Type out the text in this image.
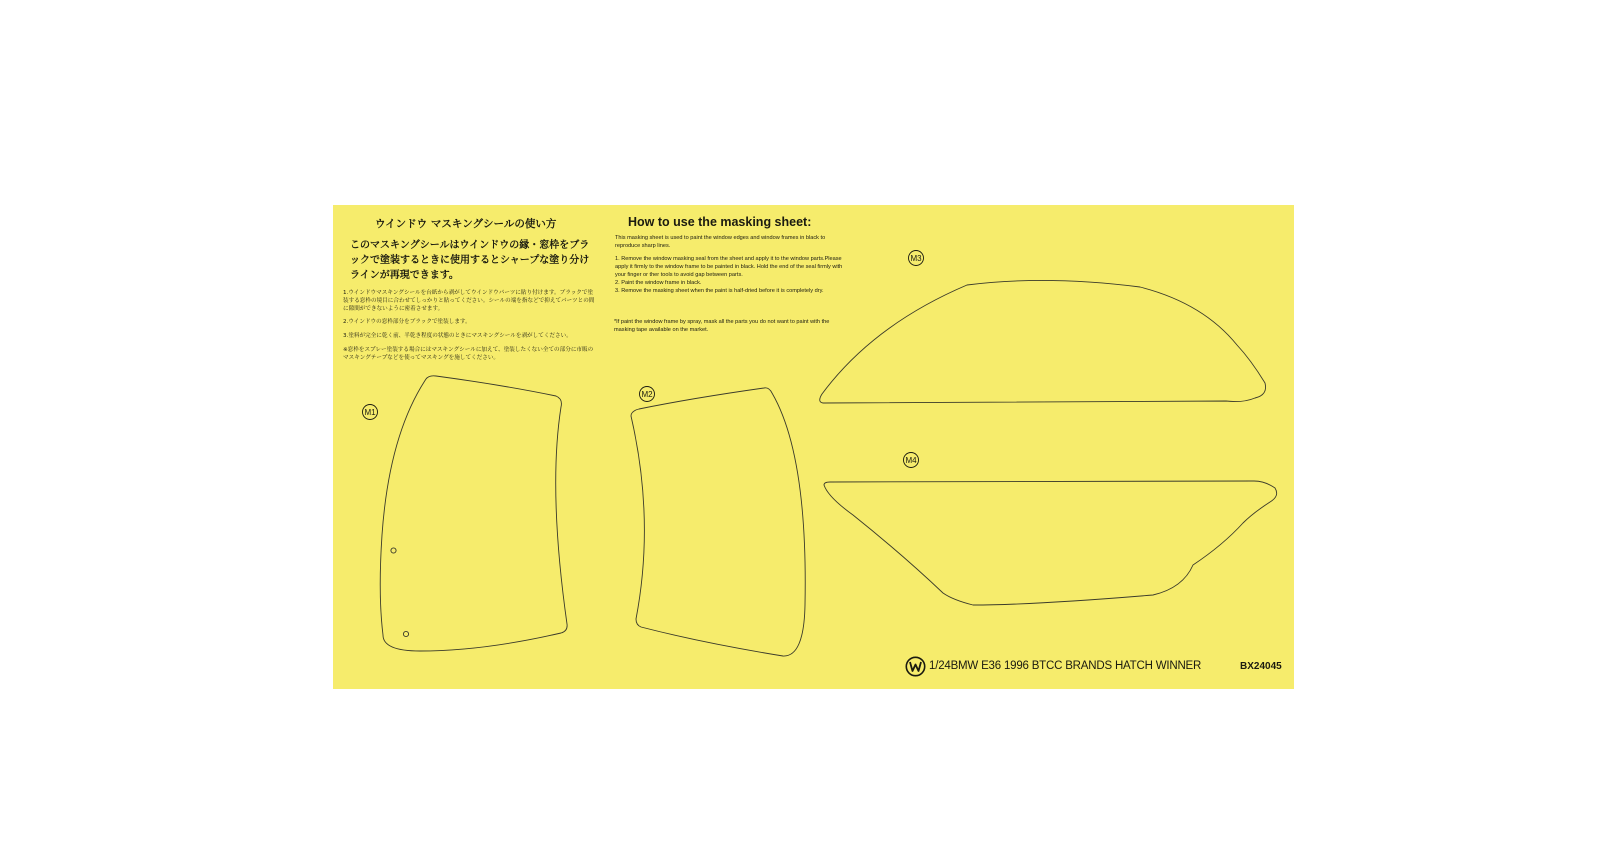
ウインドウ マスキングシールの使い方

このマスキングシールはウインドウの縁・窓枠をブラックで塗装するときに使用するとシャープな塗り分けラインが再現できます。

1.ウインドウマスキングシールを台紙から剥がしてウインドウパーツに貼り付けます。ブラックで塗装する窓枠の境目に合わせてしっかりと貼ってください。シールの端を指などで抑えてパーツとの間に隙間ができないように密着させます。
2.ウインドウの窓枠部分をブラックで塗装します。
3.塗料が完全に乾く前、半乾き程度の状態のときにマスキングシールを剥がしてください。
※窓枠をスプレー塗装する場合にはマスキングシールに加えて、塗装したくない全ての部分に市販のマスキングテープなどを使ってマスキングを施してください。

How to use the masking sheet:

This masking sheet is used to paint the window edges and window frames in black to reproduce sharp lines.

1. Remove the window masking seal from the sheet and apply it to the window parts.Please apply it firmly to the window frame to be painted in black. Hold the end of the seal firmly with your finger or ther tools to avoid gap between parts.
2. Paint the window frame in black.
3. Remove the masking sheet when the paint is half-dried before it is completely dry.

*If paint the window frame by spray, mask all the parts you do not want to paint with the masking tape available on the market.

M1
M2
M3
M4

1/24BMW E36 1996 BTCC BRANDS HATCH WINNER	BX24045
